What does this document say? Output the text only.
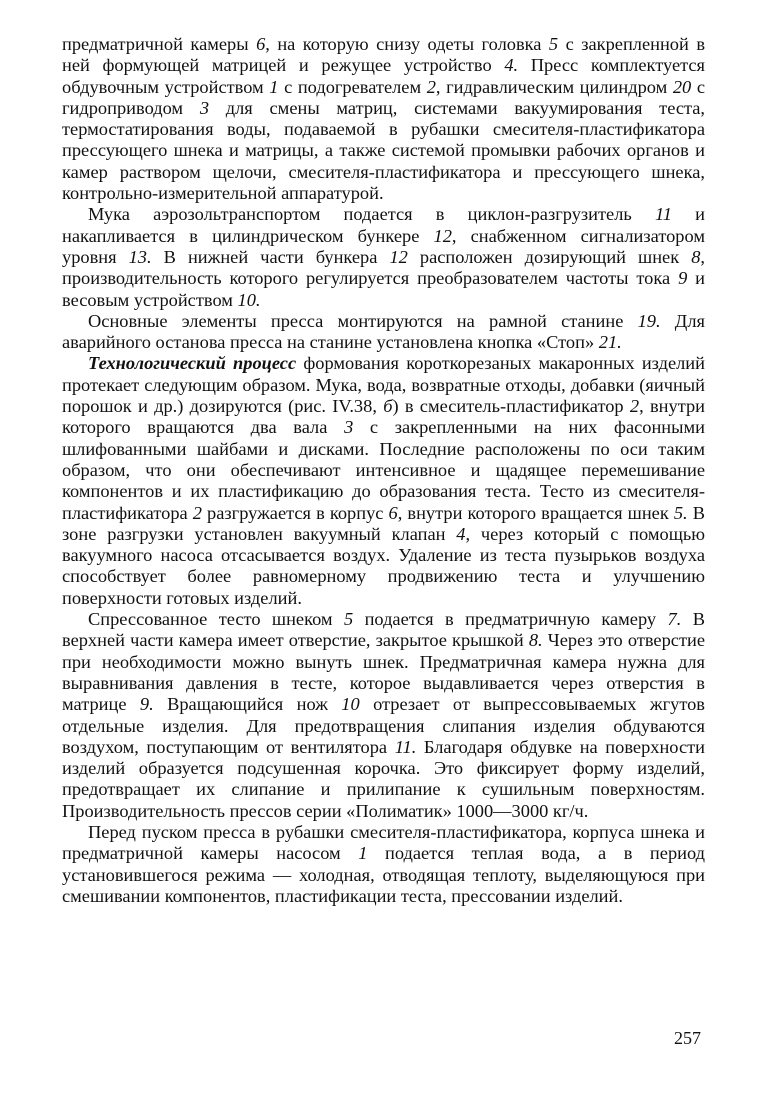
предматричной камеры 6, на которую снизу одеты головка 5 с закрепленной в ней формующей матрицей и режущее устройство 4. Пресс комплектуется обдувочным устройством 1 с подогревателем 2, гидравлическим цилиндром 20 с гидроприводом 3 для смены матриц, системами вакуумирования теста, термостатирования воды, подаваемой в рубашки смесителя-пластификатора прессующего шнека и матрицы, а также системой промывки рабочих органов и камер раствором щелочи, смесителя-пластификатора и прессующего шнека, контрольно-измерительной аппаратурой.

Мука аэрозольтранспортом подается в циклон-разгрузитель 11 и накапливается в цилиндрическом бункере 12, снабженном сигнализатором уровня 13. В нижней части бункера 12 расположен дозирующий шнек 8, производительность которого регулируется преобразователем частоты тока 9 и весовым устройством 10.

Основные элементы пресса монтируются на рамной станине 19. Для аварийного останова пресса на станине установлена кнопка «Стоп» 21.

Технологический процесс формования короткорезаных макаронных изделий протекает следующим образом. Мука, вода, возвратные отходы, добавки (яичный порошок и др.) дозируются (рис. IV.38, б) в смеситель-пластификатор 2, внутри которого вращаются два вала 3 с закрепленными на них фасонными шлифованными шайбами и дисками. Последние расположены по оси таким образом, что они обеспечивают интенсивное и щадящее перемешивание компонентов и их пластификацию до образования теста. Тесто из смесителя-пластификатора 2 разгружается в корпус 6, внутри которого вращается шнек 5. В зоне разгрузки установлен вакуумный клапан 4, через который с помощью вакуумного насоса отсасывается воздух. Удаление из теста пузырьков воздуха способствует более равномерному продвижению теста и улучшению поверхности готовых изделий.

Спрессованное тесто шнеком 5 подается в предматричную камеру 7. В верхней части камера имеет отверстие, закрытое крышкой 8. Через это отверстие при необходимости можно вынуть шнек. Предматричная камера нужна для выравнивания давления в тесте, которое выдавливается через отверстия в матрице 9. Вращающийся нож 10 отрезает от выпрессовываемых жгутов отдельные изделия. Для предотвращения слипания изделия обдуваются воздухом, поступающим от вентилятора 11. Благодаря обдувке на поверхности изделий образуется подсушенная корочка. Это фиксирует форму изделий, предотвращает их слипание и прилипание к сушильным поверхностям. Производительность прессов серии «Полиматик» 1000—3000 кг/ч.

Перед пуском пресса в рубашки смесителя-пластификатора, корпуса шнека и предматричной камеры насосом 1 подается теплая вода, а в период установившегося режима — холодная, отводящая теплоту, выделяющуюся при смешивании компонентов, пластификации теста, прессовании изделий.

257
